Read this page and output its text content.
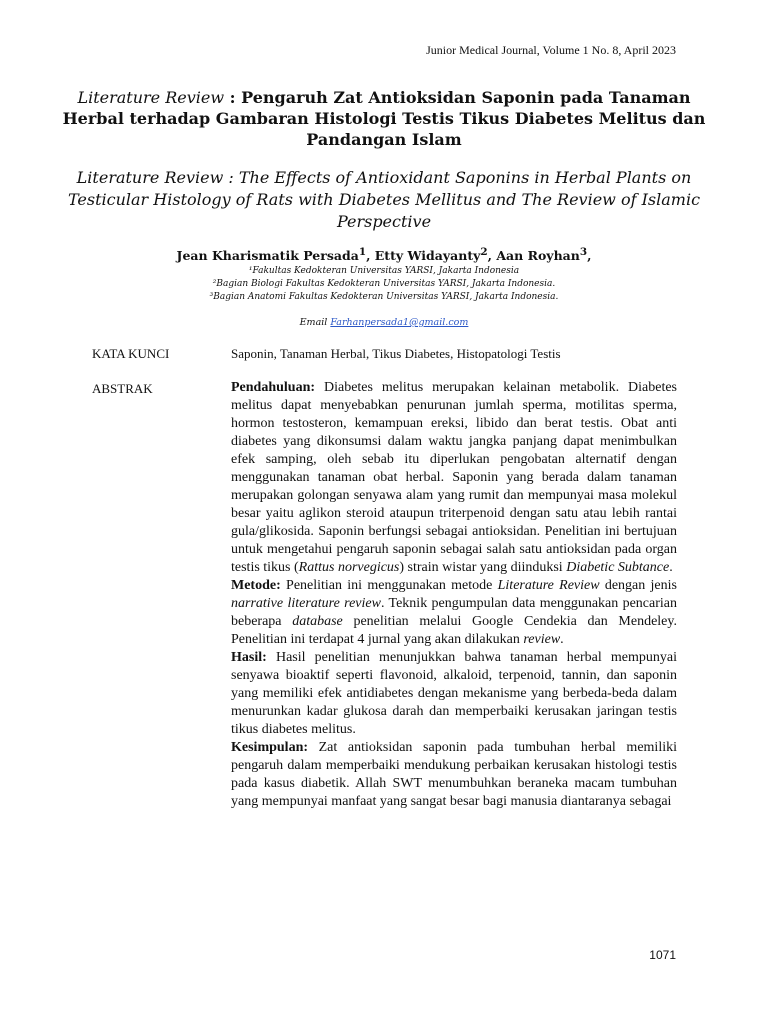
Junior Medical Journal, Volume 1 No. 8, April 2023
Literature Review : Pengaruh Zat Antioksidan Saponin pada Tanaman Herbal terhadap Gambaran Histologi Testis Tikus Diabetes Melitus dan Pandangan Islam
Literature Review : The Effects of Antioxidant Saponins in Herbal Plants on Testicular Histology of Rats with Diabetes Mellitus and The Review of Islamic Perspective
Jean Kharismatik Persada$^1$, Etty Widayanty$^2$, Aan Royhan$^3$,
¹Fakultas Kedokteran Universitas YARSI, Jakarta Indonesia
²Bagian Biologi Fakultas Kedokteran Universitas YARSI, Jakarta Indonesia.
³Bagian Anatomi Fakultas Kedokteran Universitas YARSI, Jakarta Indonesia.
Email Farhanpersada1@gmail.com
KATA KUNCI	Saponin, Tanaman Herbal, Tikus Diabetes, Histopatologi Testis
ABSTRAK	Pendahuluan: Diabetes melitus merupakan kelainan metabolik. Diabetes melitus dapat menyebabkan penurunan jumlah sperma, motilitas sperma, hormon testosteron, kemampuan ereksi, libido dan berat testis. Obat anti diabetes yang dikonsumsi dalam waktu jangka panjang dapat menimbulkan efek samping, oleh sebab itu diperlukan pengobatan alternatif dengan menggunakan tanaman obat herbal. Saponin yang berada dalam tanaman merupakan golongan senyawa alam yang rumit dan mempunyai masa molekul besar yaitu aglikon steroid ataupun triterpenoid dengan satu atau lebih rantai gula/glikosida. Saponin berfungsi sebagai antioksidan. Penelitian ini bertujuan untuk mengetahui pengaruh saponin sebagai salah satu antioksidan pada organ testis tikus (Rattus norvegicus) strain wistar yang diinduksi Diabetic Subtance.

Metode: Penelitian ini menggunakan metode Literature Review dengan jenis narrative literature review. Teknik pengumpulan data menggunakan pencarian beberapa database penelitian melalui Google Cendekia dan Mendeley. Penelitian ini terdapat 4 jurnal yang akan dilakukan review.

Hasil: Hasil penelitian menunjukkan bahwa tanaman herbal mempunyai senyawa bioaktif seperti flavonoid, alkaloid, terpenoid, tannin, dan saponin yang memiliki efek antidiabetes dengan mekanisme yang berbeda-beda dalam menurunkan kadar glukosa darah dan memperbaiki kerusakan jaringan testis tikus diabetes melitus.

Kesimpulan: Zat antioksidan saponin pada tumbuhan herbal memiliki pengaruh dalam memperbaiki mendukung perbaikan kerusakan histologi testis pada kasus diabetik. Allah SWT menumbuhkan beraneka macam tumbuhan yang mempunyai manfaat yang sangat besar bagi manusia diantaranya sebagai

1071
